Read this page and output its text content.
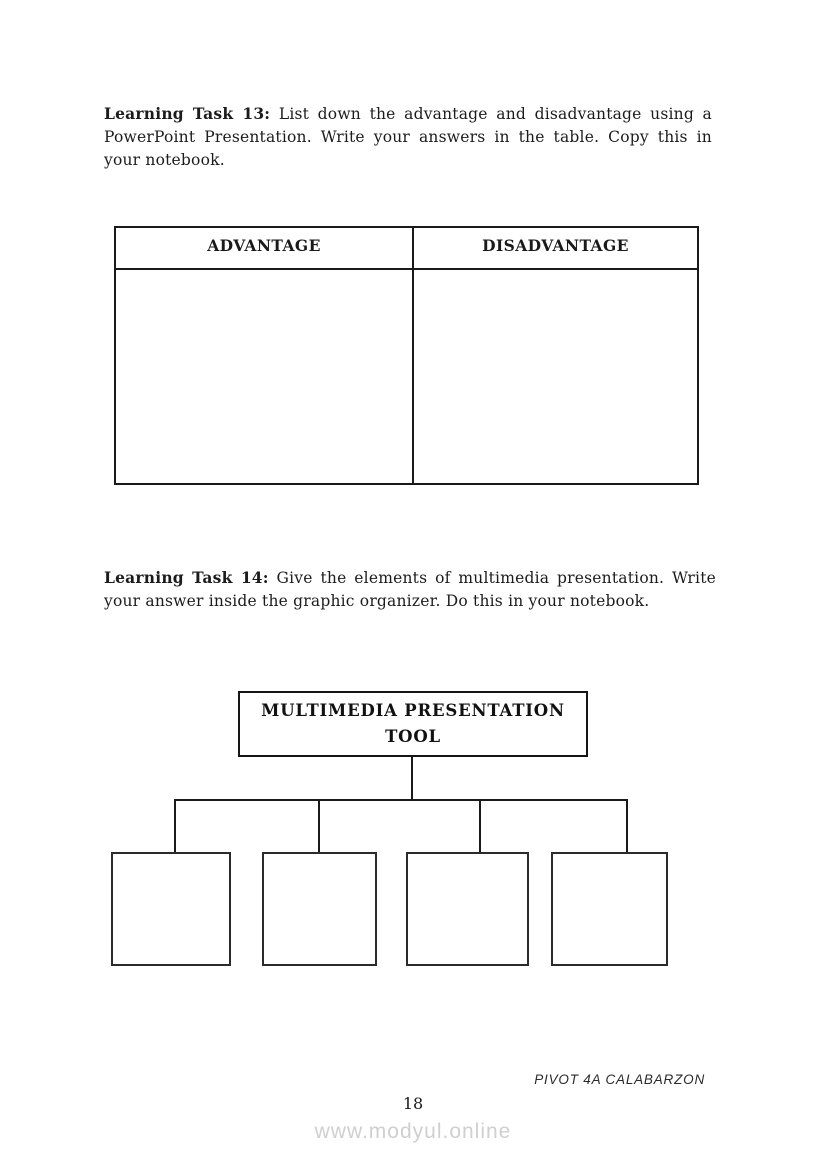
Learning Task 13: List down the advantage and disadvantage using a PowerPoint Presentation. Write your answers in the table. Copy this in your notebook.

ADVANTAGE	DISADVANTAGE

Learning Task 14: Give the elements of multimedia presentation. Write your answer inside the graphic organizer. Do this in your notebook.

MULTIMEDIA PRESENTATION
TOOL
PIVOT 4A CALABARZON
18
www.modyul.online
